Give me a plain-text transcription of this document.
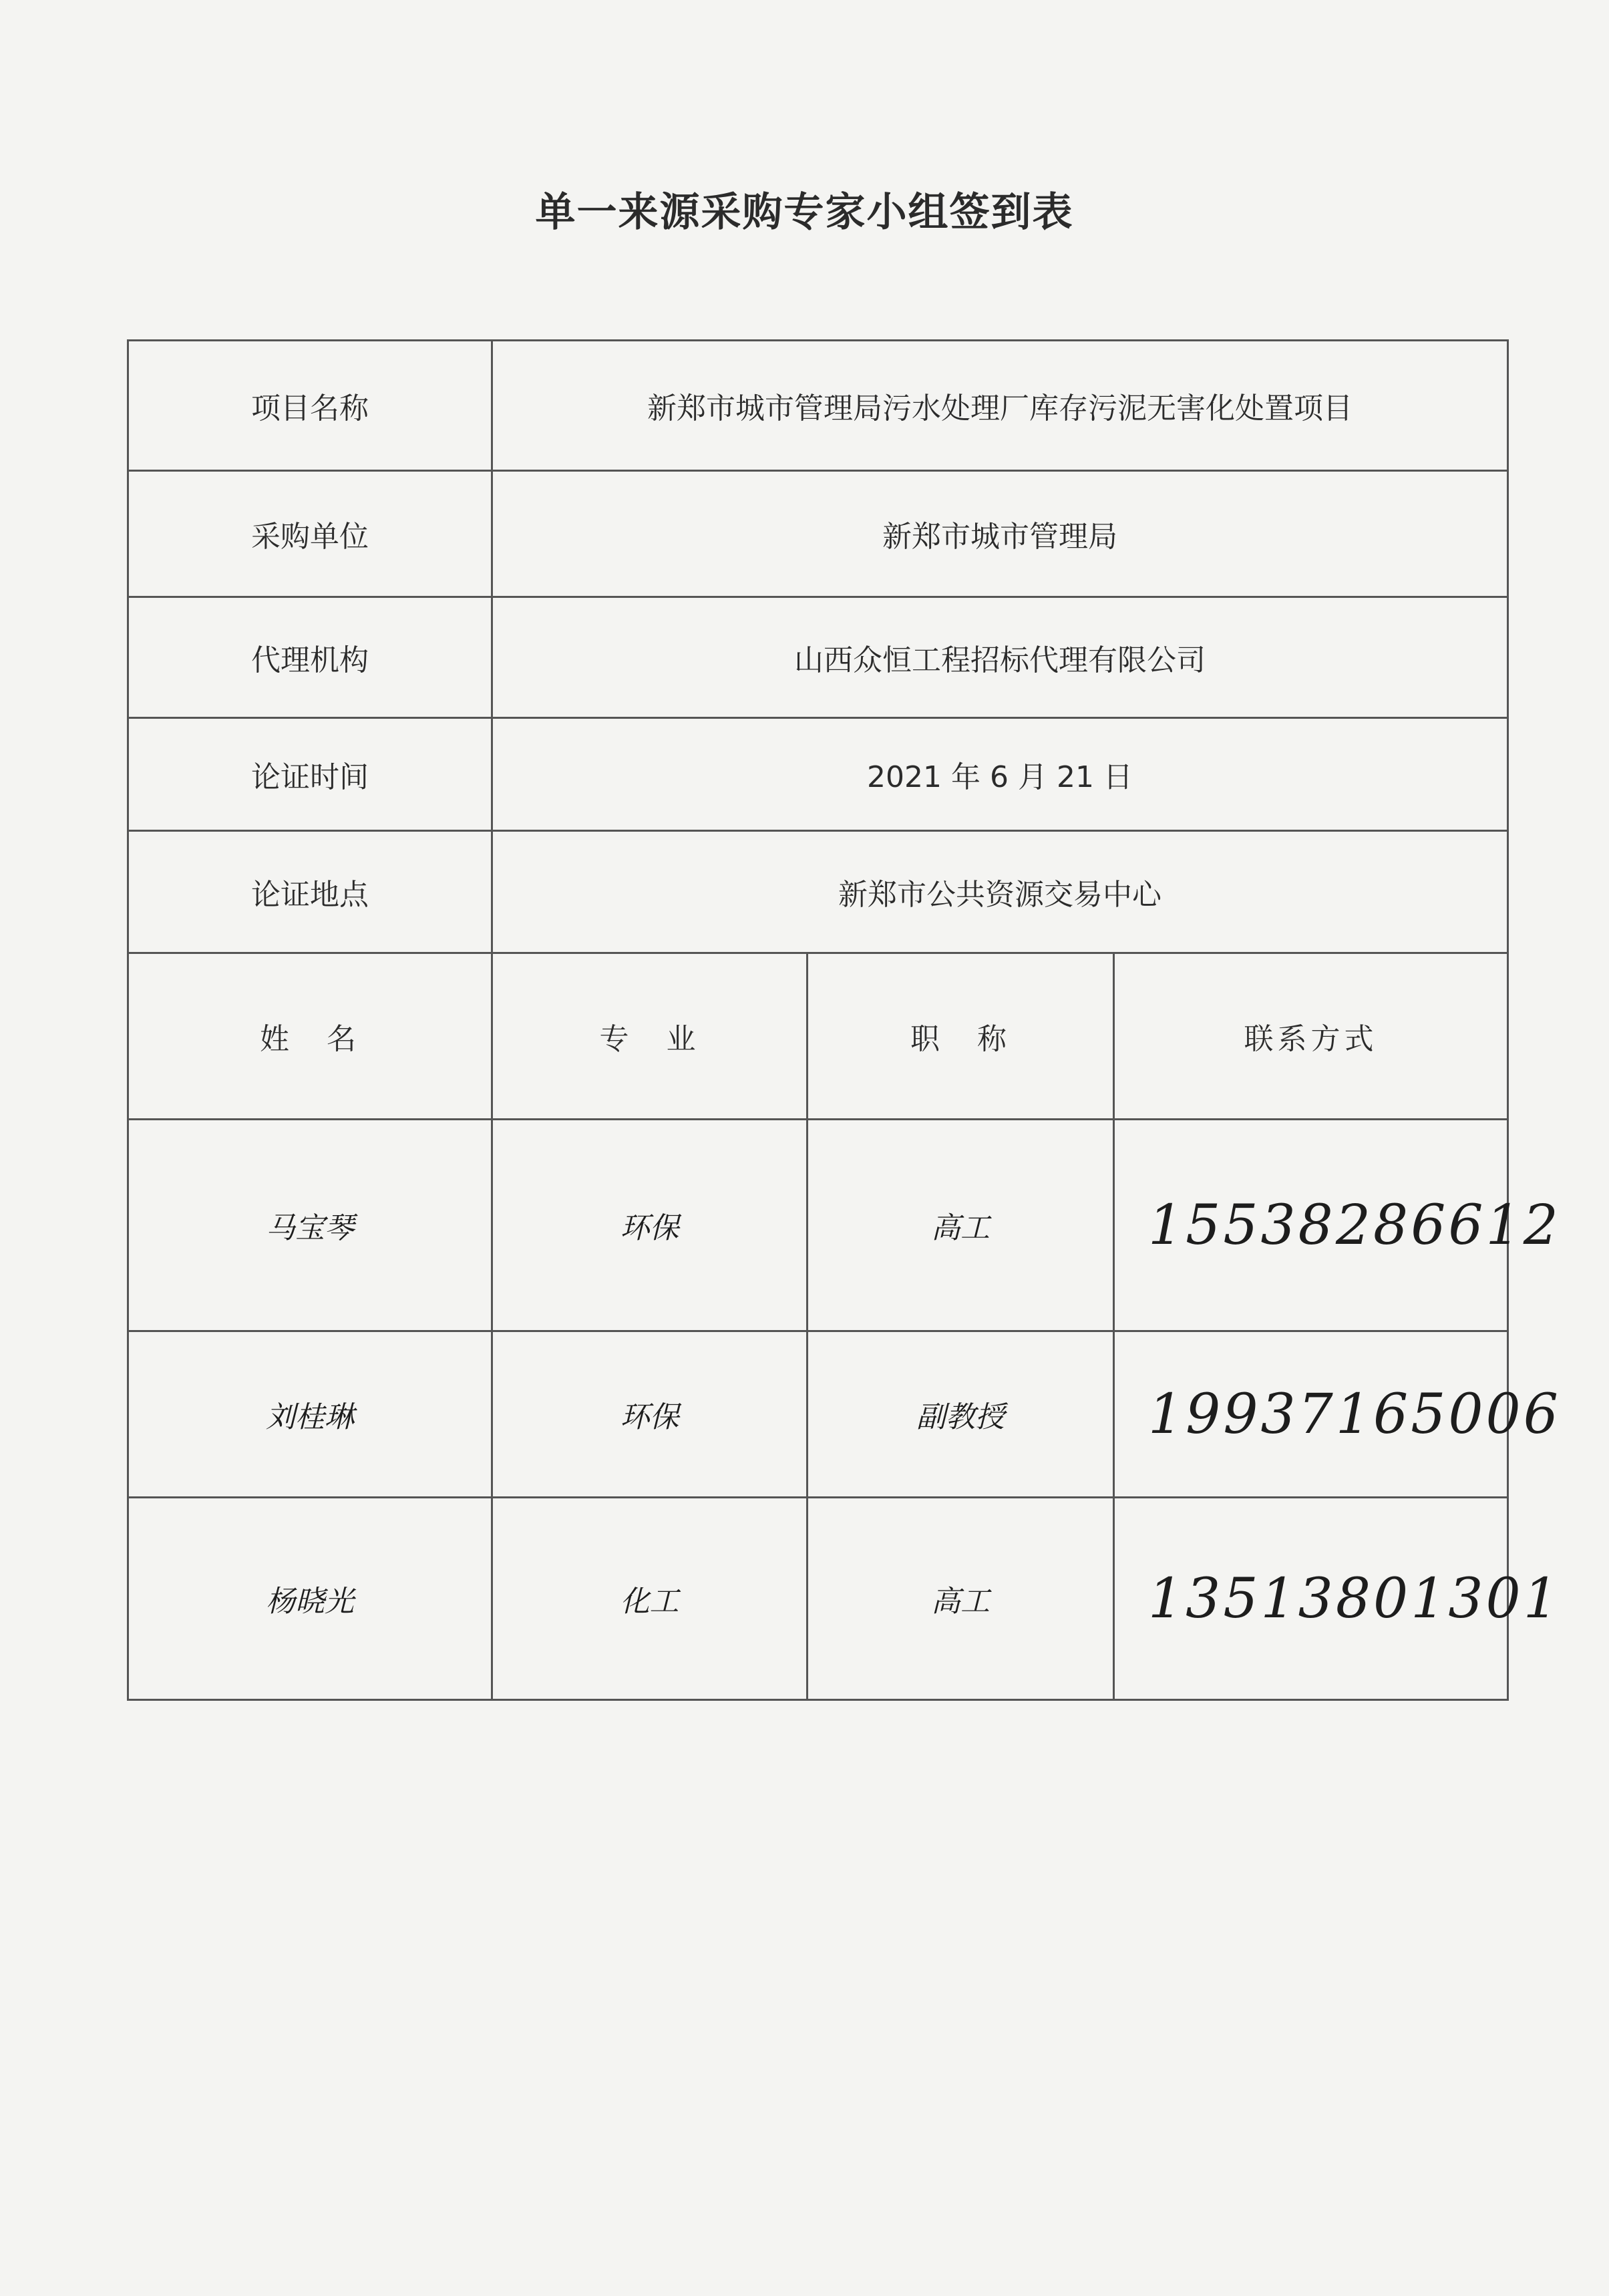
单一来源采购专家小组签到表
项目名称	新郑市城市管理局污水处理厂库存污泥无害化处置项目		
采购单位	新郑市城市管理局		
代理机构	山西众恒工程招标代理有限公司		
论证时间	2021 年 6 月 21 日		
论证地点	新郑市公共资源交易中心		
姓　名	专　业	职　称	联系方式
马宝琴	环保	高工	15538286612
刘桂琳	环保	副教授	19937165006
杨晓光	化工	高工	13513801301
